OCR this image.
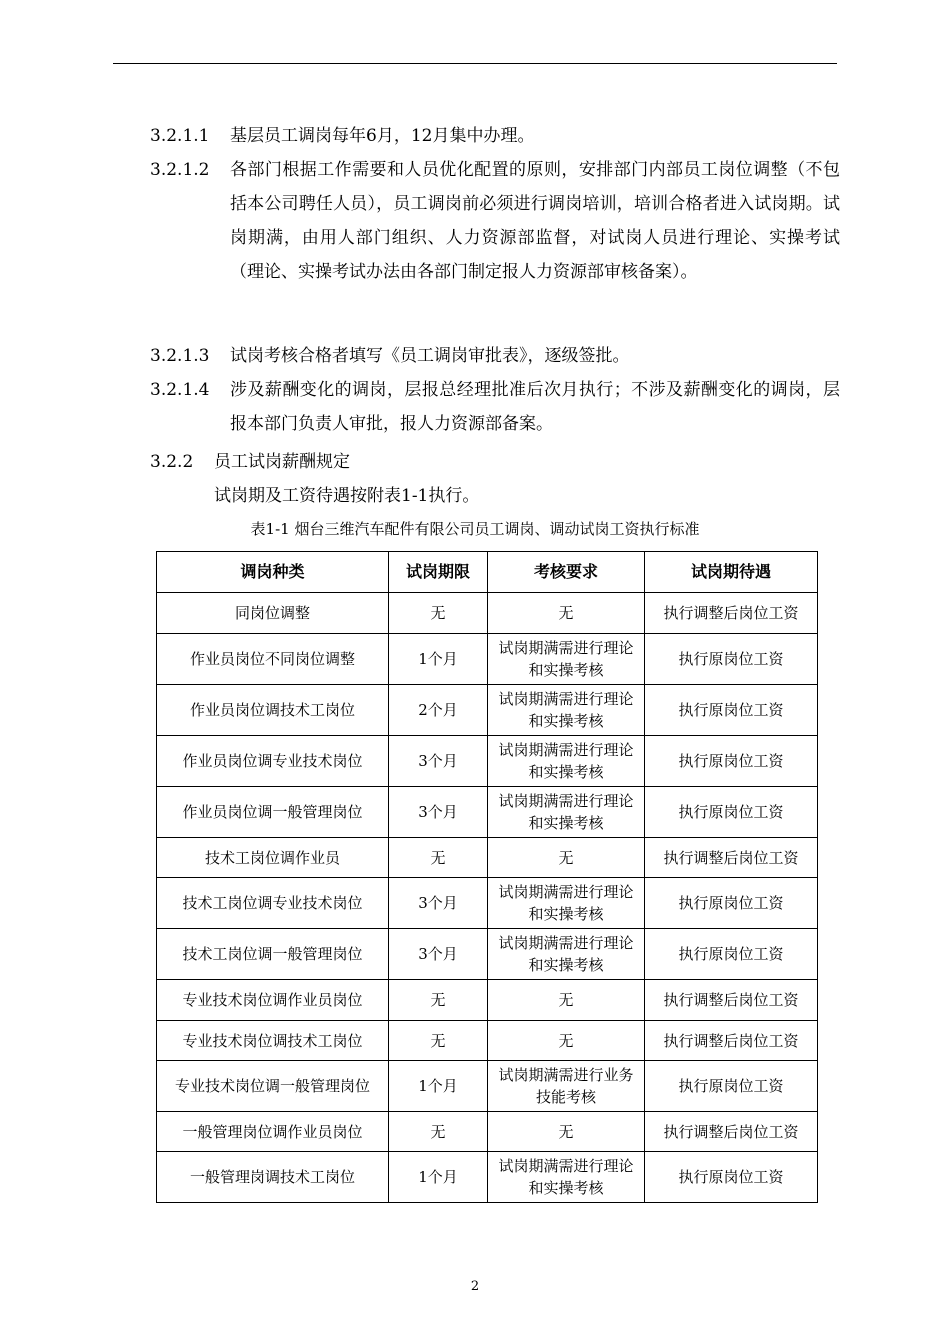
3.2.1.1 基层员工调岗每年6月，12月集中办理。
3.2.1.2 各部门根据工作需要和人员优化配置的原则，安排部门内部员工岗位调整（不包括本公司聘任人员），员工调岗前必须进行调岗培训，培训合格者进入试岗期。试岗期满，由用人部门组织、人力资源部监督，对试岗人员进行理论、实操考试（理论、实操考试办法由各部门制定报人力资源部审核备案）。
3.2.1.3 试岗考核合格者填写《员工调岗审批表》，逐级签批。
3.2.1.4 涉及薪酬变化的调岗，层报总经理批准后次月执行；不涉及薪酬变化的调岗，层报本部门负责人审批，报人力资源部备案。
3.2.2 员工试岗薪酬规定
试岗期及工资待遇按附表1-1执行。
表1-1 烟台三维汽车配件有限公司员工调岗、调动试岗工资执行标准
调岗种类	试岗期限	考核要求	试岗期待遇
同岗位调整	无	无	执行调整后岗位工资
作业员岗位不同岗位调整	1个月	试岗期满需进行理论和实操考核	执行原岗位工资
作业员岗位调技术工岗位	2个月	试岗期满需进行理论和实操考核	执行原岗位工资
作业员岗位调专业技术岗位	3个月	试岗期满需进行理论和实操考核	执行原岗位工资
作业员岗位调一般管理岗位	3个月	试岗期满需进行理论和实操考核	执行原岗位工资
技术工岗位调作业员	无	无	执行调整后岗位工资
技术工岗位调专业技术岗位	3个月	试岗期满需进行理论和实操考核	执行原岗位工资
技术工岗位调一般管理岗位	3个月	试岗期满需进行理论和实操考核	执行原岗位工资
专业技术岗位调作业员岗位	无	无	执行调整后岗位工资
专业技术岗位调技术工岗位	无	无	执行调整后岗位工资
专业技术岗位调一般管理岗位	1个月	试岗期满需进行业务技能考核	执行原岗位工资
一般管理岗位调作业员岗位	无	无	执行调整后岗位工资
一般管理岗调技术工岗位	1个月	试岗期满需进行理论和实操考核	执行原岗位工资
2
